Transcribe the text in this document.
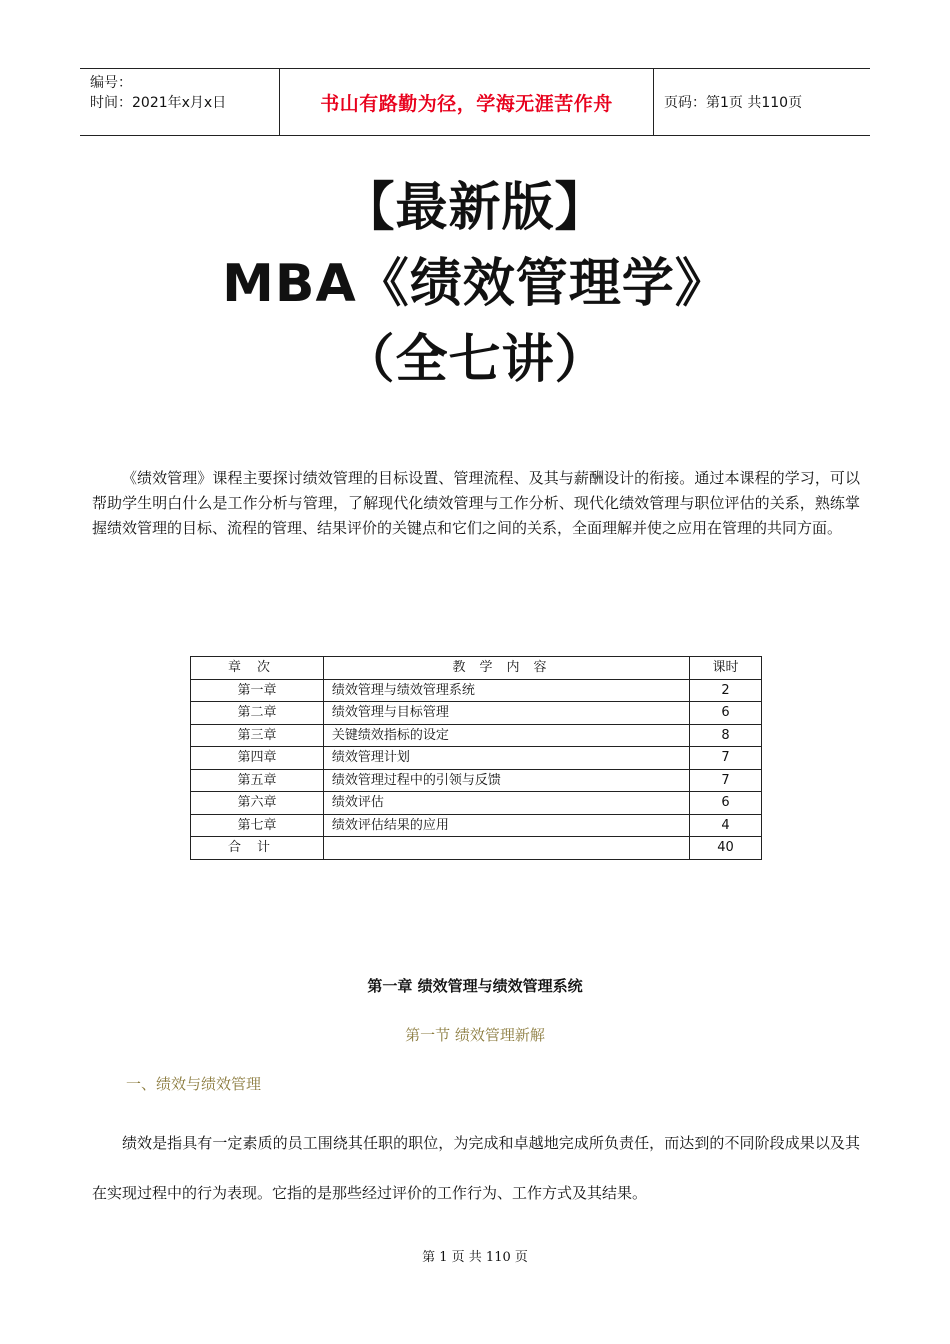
编号：
时间：2021年x月x日	书山有路勤为径，学海无涯苦作舟	页码：第1页 共110页
【最新版】
MBA《绩效管理学》
（全七讲）
《绩效管理》课程主要探讨绩效管理的目标设置、管理流程、及其与薪酬设计的衔接。通过本课程的学习，可以帮助学生明白什么是工作分析与管理，了解现代化绩效管理与工作分析、现代化绩效管理与职位评估的关系，熟练掌握绩效管理的目标、流程的管理、结果评价的关键点和它们之间的关系，全面理解并使之应用在管理的共同方面。
章次	教学内容	课时
第一章	绩效管理与绩效管理系统	2
第二章	绩效管理与目标管理	6
第三章	关键绩效指标的设定	8
第四章	绩效管理计划	7
第五章	绩效管理过程中的引领与反馈	7
第六章	绩效评估	6
第七章	绩效评估结果的应用	4
合计		40
第一章 绩效管理与绩效管理系统
第一节 绩效管理新解
一、绩效与绩效管理
绩效是指具有一定素质的员工围绕其任职的职位，为完成和卓越地完成所负责任，而达到的不同阶段成果以及其在实现过程中的行为表现。它指的是那些经过评价的工作行为、工作方式及其结果。
第 1 页 共 110 页
